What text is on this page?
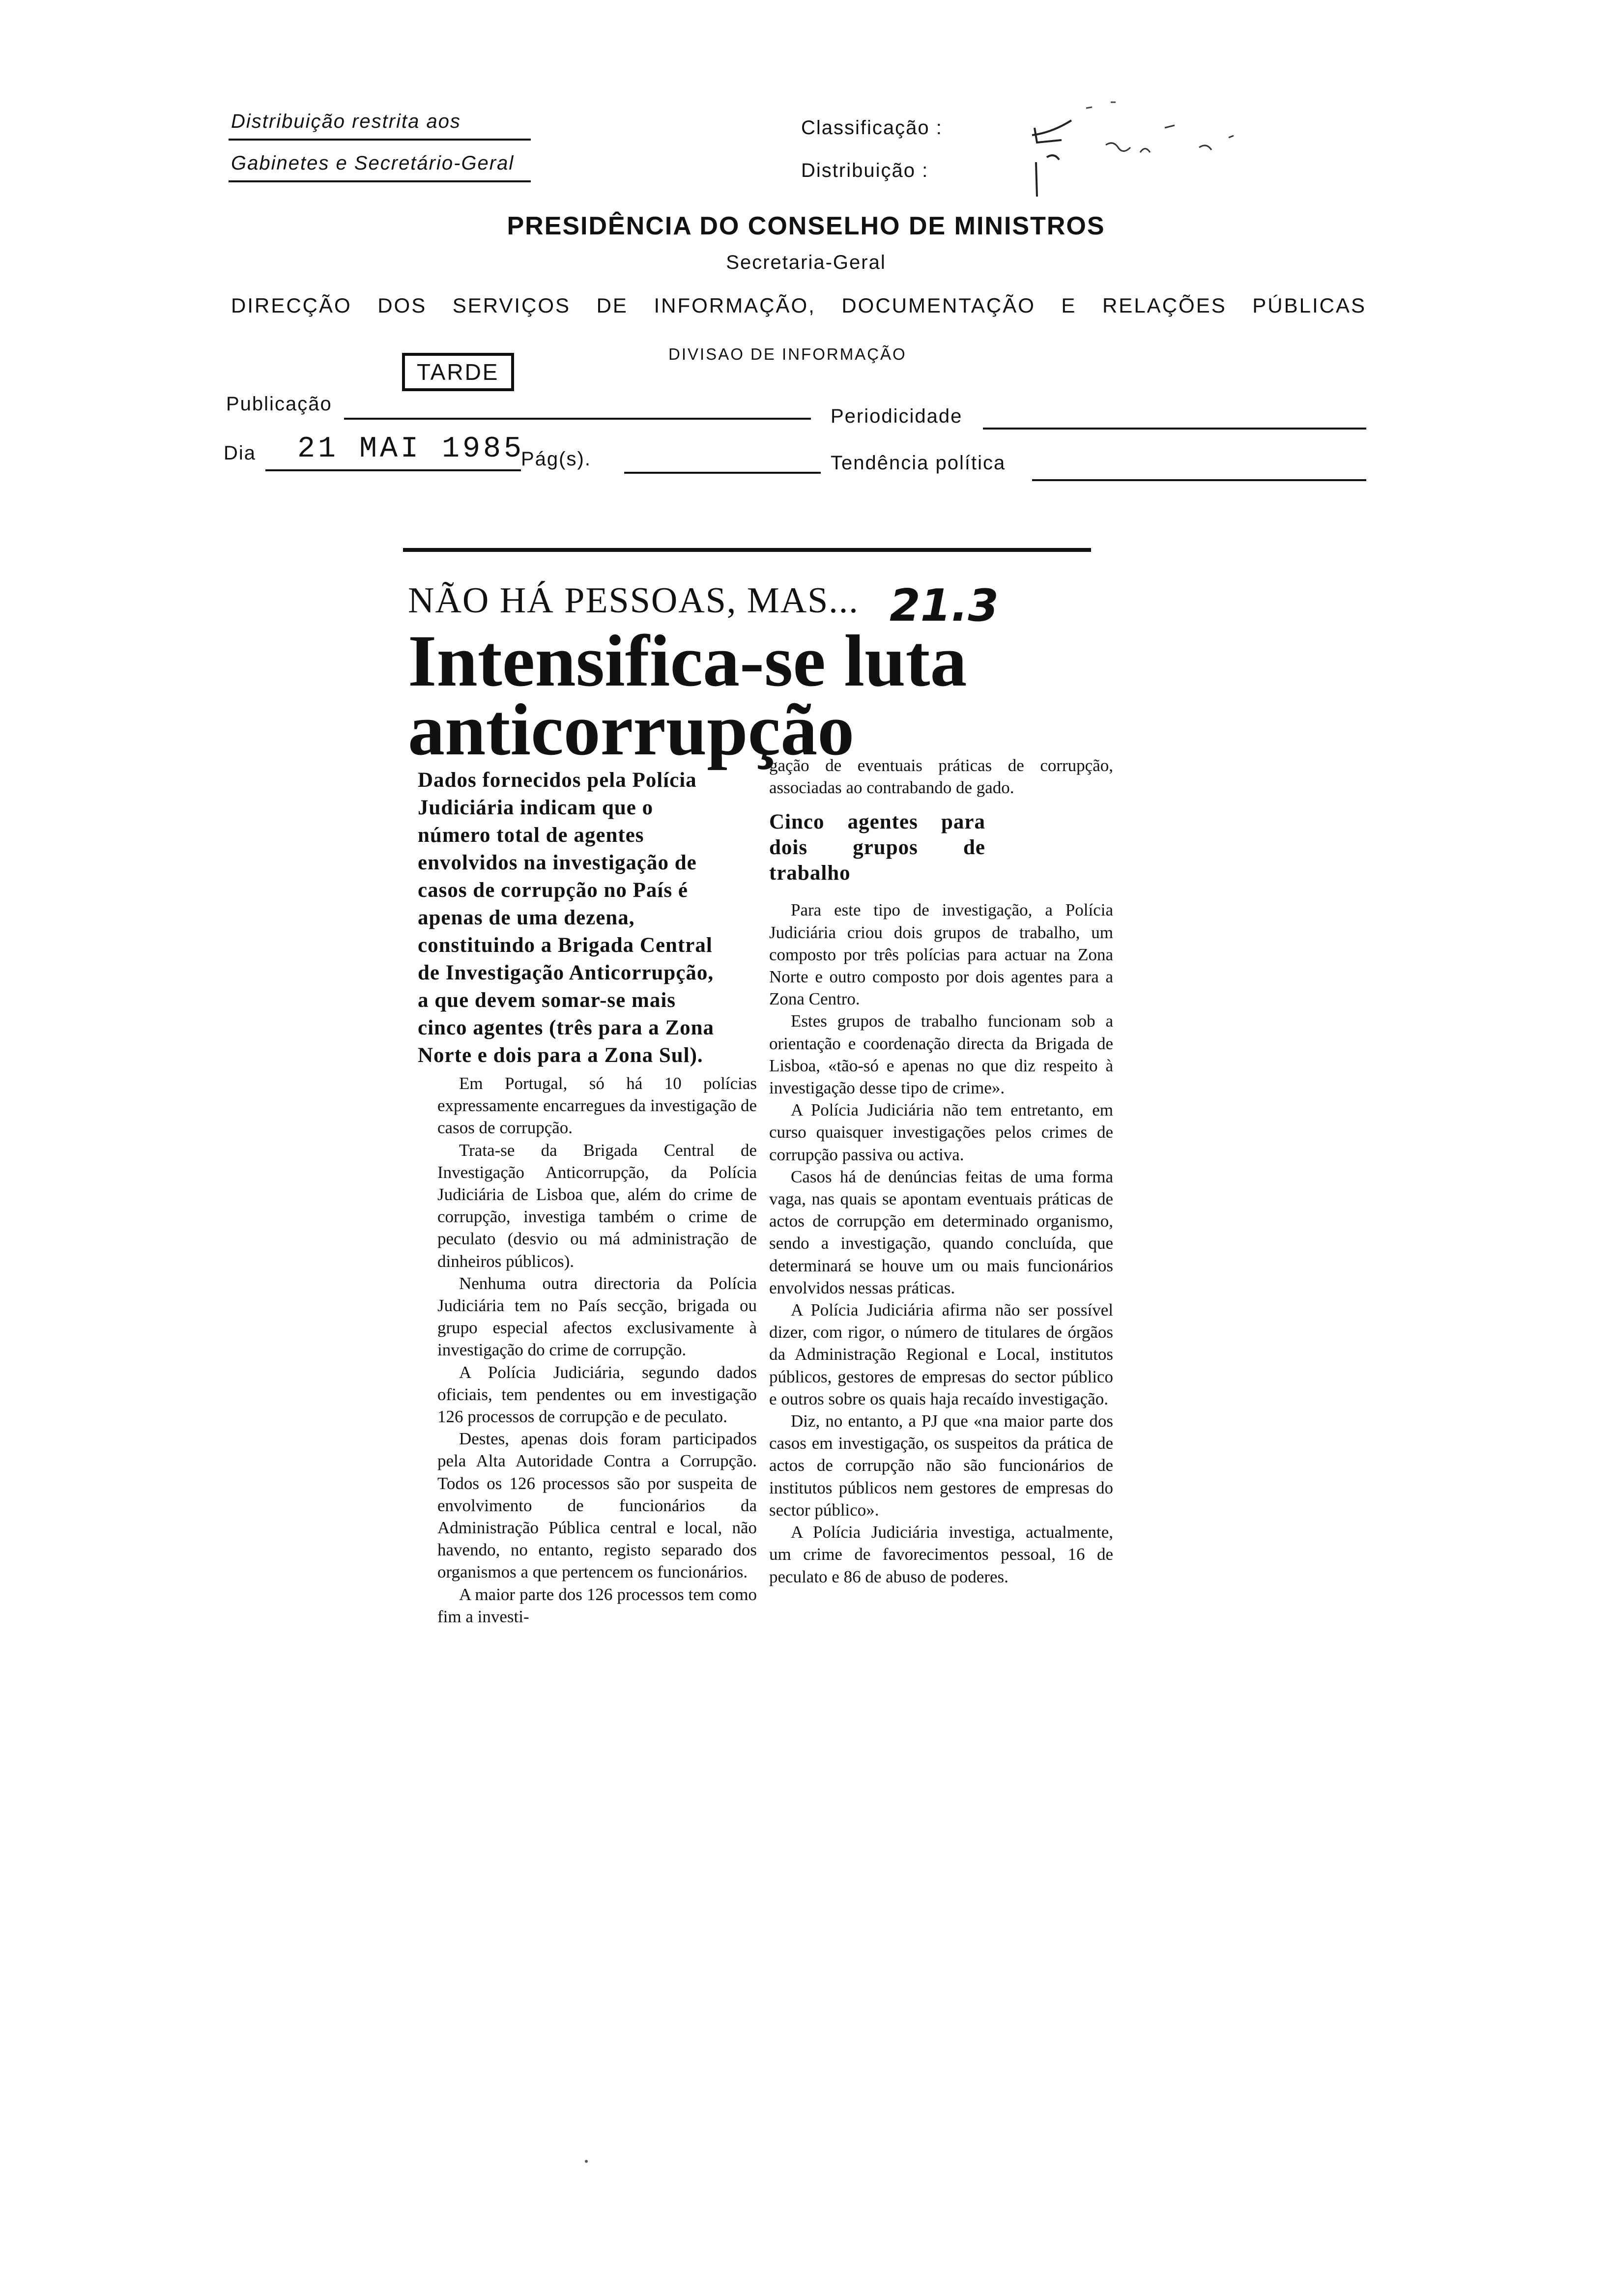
Distribuição restrita aos
Gabinetes e Secretário-Geral
Classificação :
Distribuição :
PRESIDÊNCIA DO CONSELHO DE MINISTROS
Secretaria-Geral
DIRECÇÃO DOS SERVIÇOS DE INFORMAÇÃO, DOCUMENTAÇÃO E RELAÇÕES PÚBLICAS
DIVISAO DE INFORMAÇÃO
TARDE
Publicação
Periodicidade
Dia 21 MAI 1985
Pág(s).	Tendência política
NÃO HÁ PESSOAS, MAS... 21.3
Intensifica-se luta
anticorrupção
Dados fornecidos pela Polícia Judiciária indicam que o número total de agentes envolvidos na investigação de casos de corrupção no País é apenas de uma dezena, constituindo a Brigada Central de Investigação Anticorrupção, a que devem somar-se mais cinco agentes (três para a Zona Norte e dois para a Zona Sul).

Em Portugal, só há 10 polícias expressamente encarregues da investigação de casos de corrupção.

Trata-se da Brigada Central de Investigação Anticorrupção, da Polícia Judiciária de Lisboa que, além do crime de corrupção, investiga também o crime de peculato (desvio ou má administração de dinheiros públicos).

Nenhuma outra directoria da Polícia Judiciária tem no País secção, brigada ou grupo especial afectos exclusivamente à investigação do crime de corrupção.

A Polícia Judiciária, segundo dados oficiais, tem pendentes ou em investigação 126 processos de corrupção e de peculato.

Destes, apenas dois foram participados pela Alta Autoridade Contra a Corrupção. Todos os 126 processos são por suspeita de envolvimento de funcionários da Administração Pública central e local, não havendo, no entanto, registo separado dos organismos a que pertencem os funcionários.

A maior parte dos 126 processos tem como fim a investi-

gação de eventuais práticas de corrupção, associadas ao contrabando de gado.
Cinco agentes para dois grupos de trabalho

Para este tipo de investigação, a Polícia Judiciária criou dois grupos de trabalho, um composto por três polícias para actuar na Zona Norte e outro composto por dois agentes para a Zona Centro.

Estes grupos de trabalho funcionam sob a orientação e coordenação directa da Brigada de Lisboa, «tão-só e apenas no que diz respeito à investigação desse tipo de crime».

A Polícia Judiciária não tem entretanto, em curso quaisquer investigações pelos crimes de corrupção passiva ou activa.

Casos há de denúncias feitas de uma forma vaga, nas quais se apontam eventuais práticas de actos de corrupção em determinado organismo, sendo a investigação, quando concluída, que determinará se houve um ou mais funcionários envolvidos nessas práticas.

A Polícia Judiciária afirma não ser possível dizer, com rigor, o número de titulares de órgãos da Administração Regional e Local, institutos públicos, gestores de empresas do sector público e outros sobre os quais haja recaído investigação.

Diz, no entanto, a PJ que «na maior parte dos casos em investigação, os suspeitos da prática de actos de corrupção não são funcionários de institutos públicos nem gestores de empresas do sector público».

A Polícia Judiciária investiga, actualmente, um crime de favorecimentos pessoal, 16 de peculato e 86 de abuso de poderes.
